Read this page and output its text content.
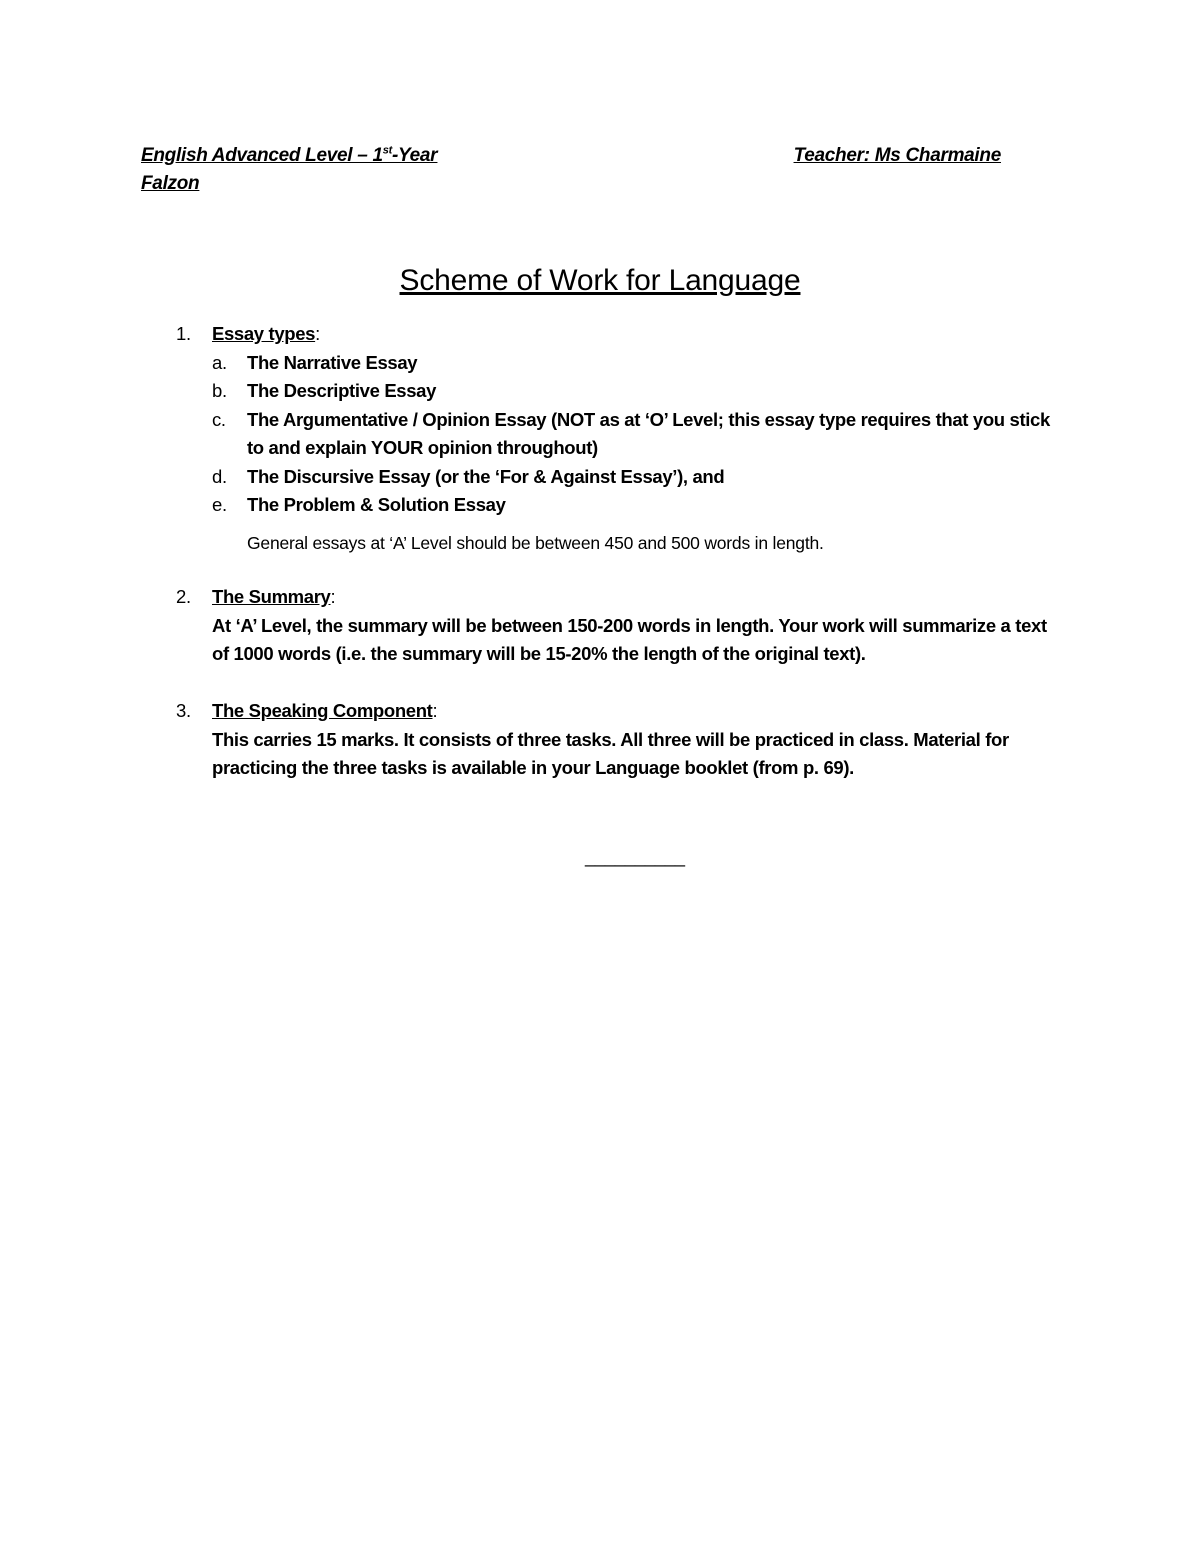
English Advanced Level – 1st-Year	Teacher: Ms Charmaine
Falzon
Scheme of Work for Language
1. Essay types:
a. The Narrative Essay
b. The Descriptive Essay
c. The Argumentative / Opinion Essay (NOT as at ‘O’ Level; this essay type requires that you stick to and explain YOUR opinion throughout)
d. The Discursive Essay (or the ‘For & Against Essay’), and
e. The Problem & Solution Essay
General essays at ‘A’ Level should be between 450 and 500 words in length.
2. The Summary:
At ‘A’ Level, the summary will be between 150-200 words in length. Your work will summarize a text of 1000 words (i.e. the summary will be 15-20% the length of the original text).
3. The Speaking Component:
This carries 15 marks. It consists of three tasks. All three will be practiced in class. Material for practicing the three tasks is available in your Language booklet (from p. 69).
__________
